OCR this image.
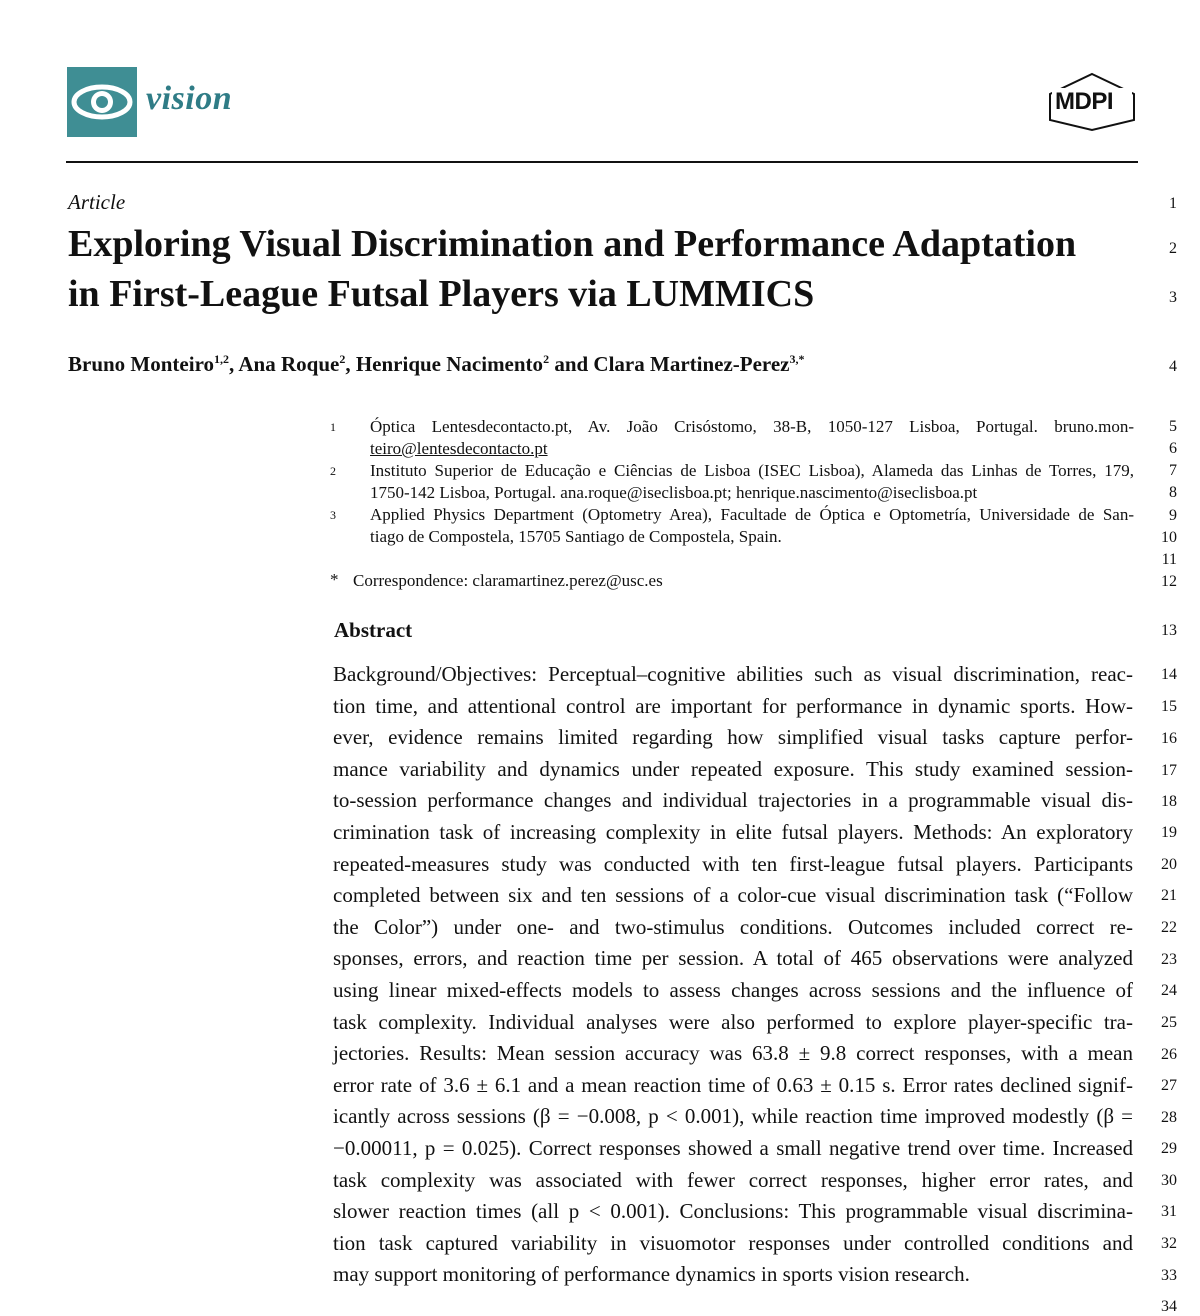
vision	MDPI
Article
Exploring Visual Discrimination and Performance Adaptation
in First-League Futsal Players via LUMMICS
Bruno Monteiro$^{1,2}$, Ana Roque$^2$, Henrique Nacimento$^2$ and Clara Martinez-Perez$^{3,*}$
1	Óptica Lentesdecontacto.pt, Av. João Crisóstomo, 38-B, 1050-127 Lisboa, Portugal. bruno.mon-
teiro@lentesdecontacto.pt
2	Instituto Superior de Educação e Ciências de Lisboa (ISEC Lisboa), Alameda das Linhas de Torres, 179,
1750-142 Lisboa, Portugal. ana.roque@iseclisboa.pt; henrique.nascimento@iseclisboa.pt
3	Applied Physics Department (Optometry Area), Facultade de Óptica e Optometría, Universidade de San-
tiago de Compostela, 15705 Santiago de Compostela, Spain.
* Correspondence: claramartinez.perez@usc.es
Abstract
Background/Objectives: Perceptual–cognitive abilities such as visual discrimination, reac-
tion time, and attentional control are important for performance in dynamic sports. How-
ever, evidence remains limited regarding how simplified visual tasks capture perfor-
mance variability and dynamics under repeated exposure. This study examined session-
to-session performance changes and individual trajectories in a programmable visual dis-
crimination task of increasing complexity in elite futsal players. Methods: An exploratory
repeated-measures study was conducted with ten first-league futsal players. Participants
completed between six and ten sessions of a color-cue visual discrimination task (“Follow
the Color”) under one- and two-stimulus conditions. Outcomes included correct re-
sponses, errors, and reaction time per session. A total of 465 observations were analyzed
using linear mixed-effects models to assess changes across sessions and the influence of
task complexity. Individual analyses were also performed to explore player-specific tra-
jectories. Results: Mean session accuracy was 63.8 ± 9.8 correct responses, with a mean
error rate of 3.6 ± 6.1 and a mean reaction time of 0.63 ± 0.15 s. Error rates declined signif-
icantly across sessions (β = −0.008, p < 0.001), while reaction time improved modestly (β =
−0.00011, p = 0.025). Correct responses showed a small negative trend over time. Increased
task complexity was associated with fewer correct responses, higher error rates, and
slower reaction times (all p < 0.001). Conclusions: This programmable visual discrimina-
tion task captured variability in visuomotor responses under controlled conditions and
may support monitoring of performance dynamics in sports vision research.
1
2
3
4
5
6
7
8
9
10
11
12
13
14
15
16
17
18
19
20
21
22
23
24
25
26
27
28
29
30
31
32
33
34
